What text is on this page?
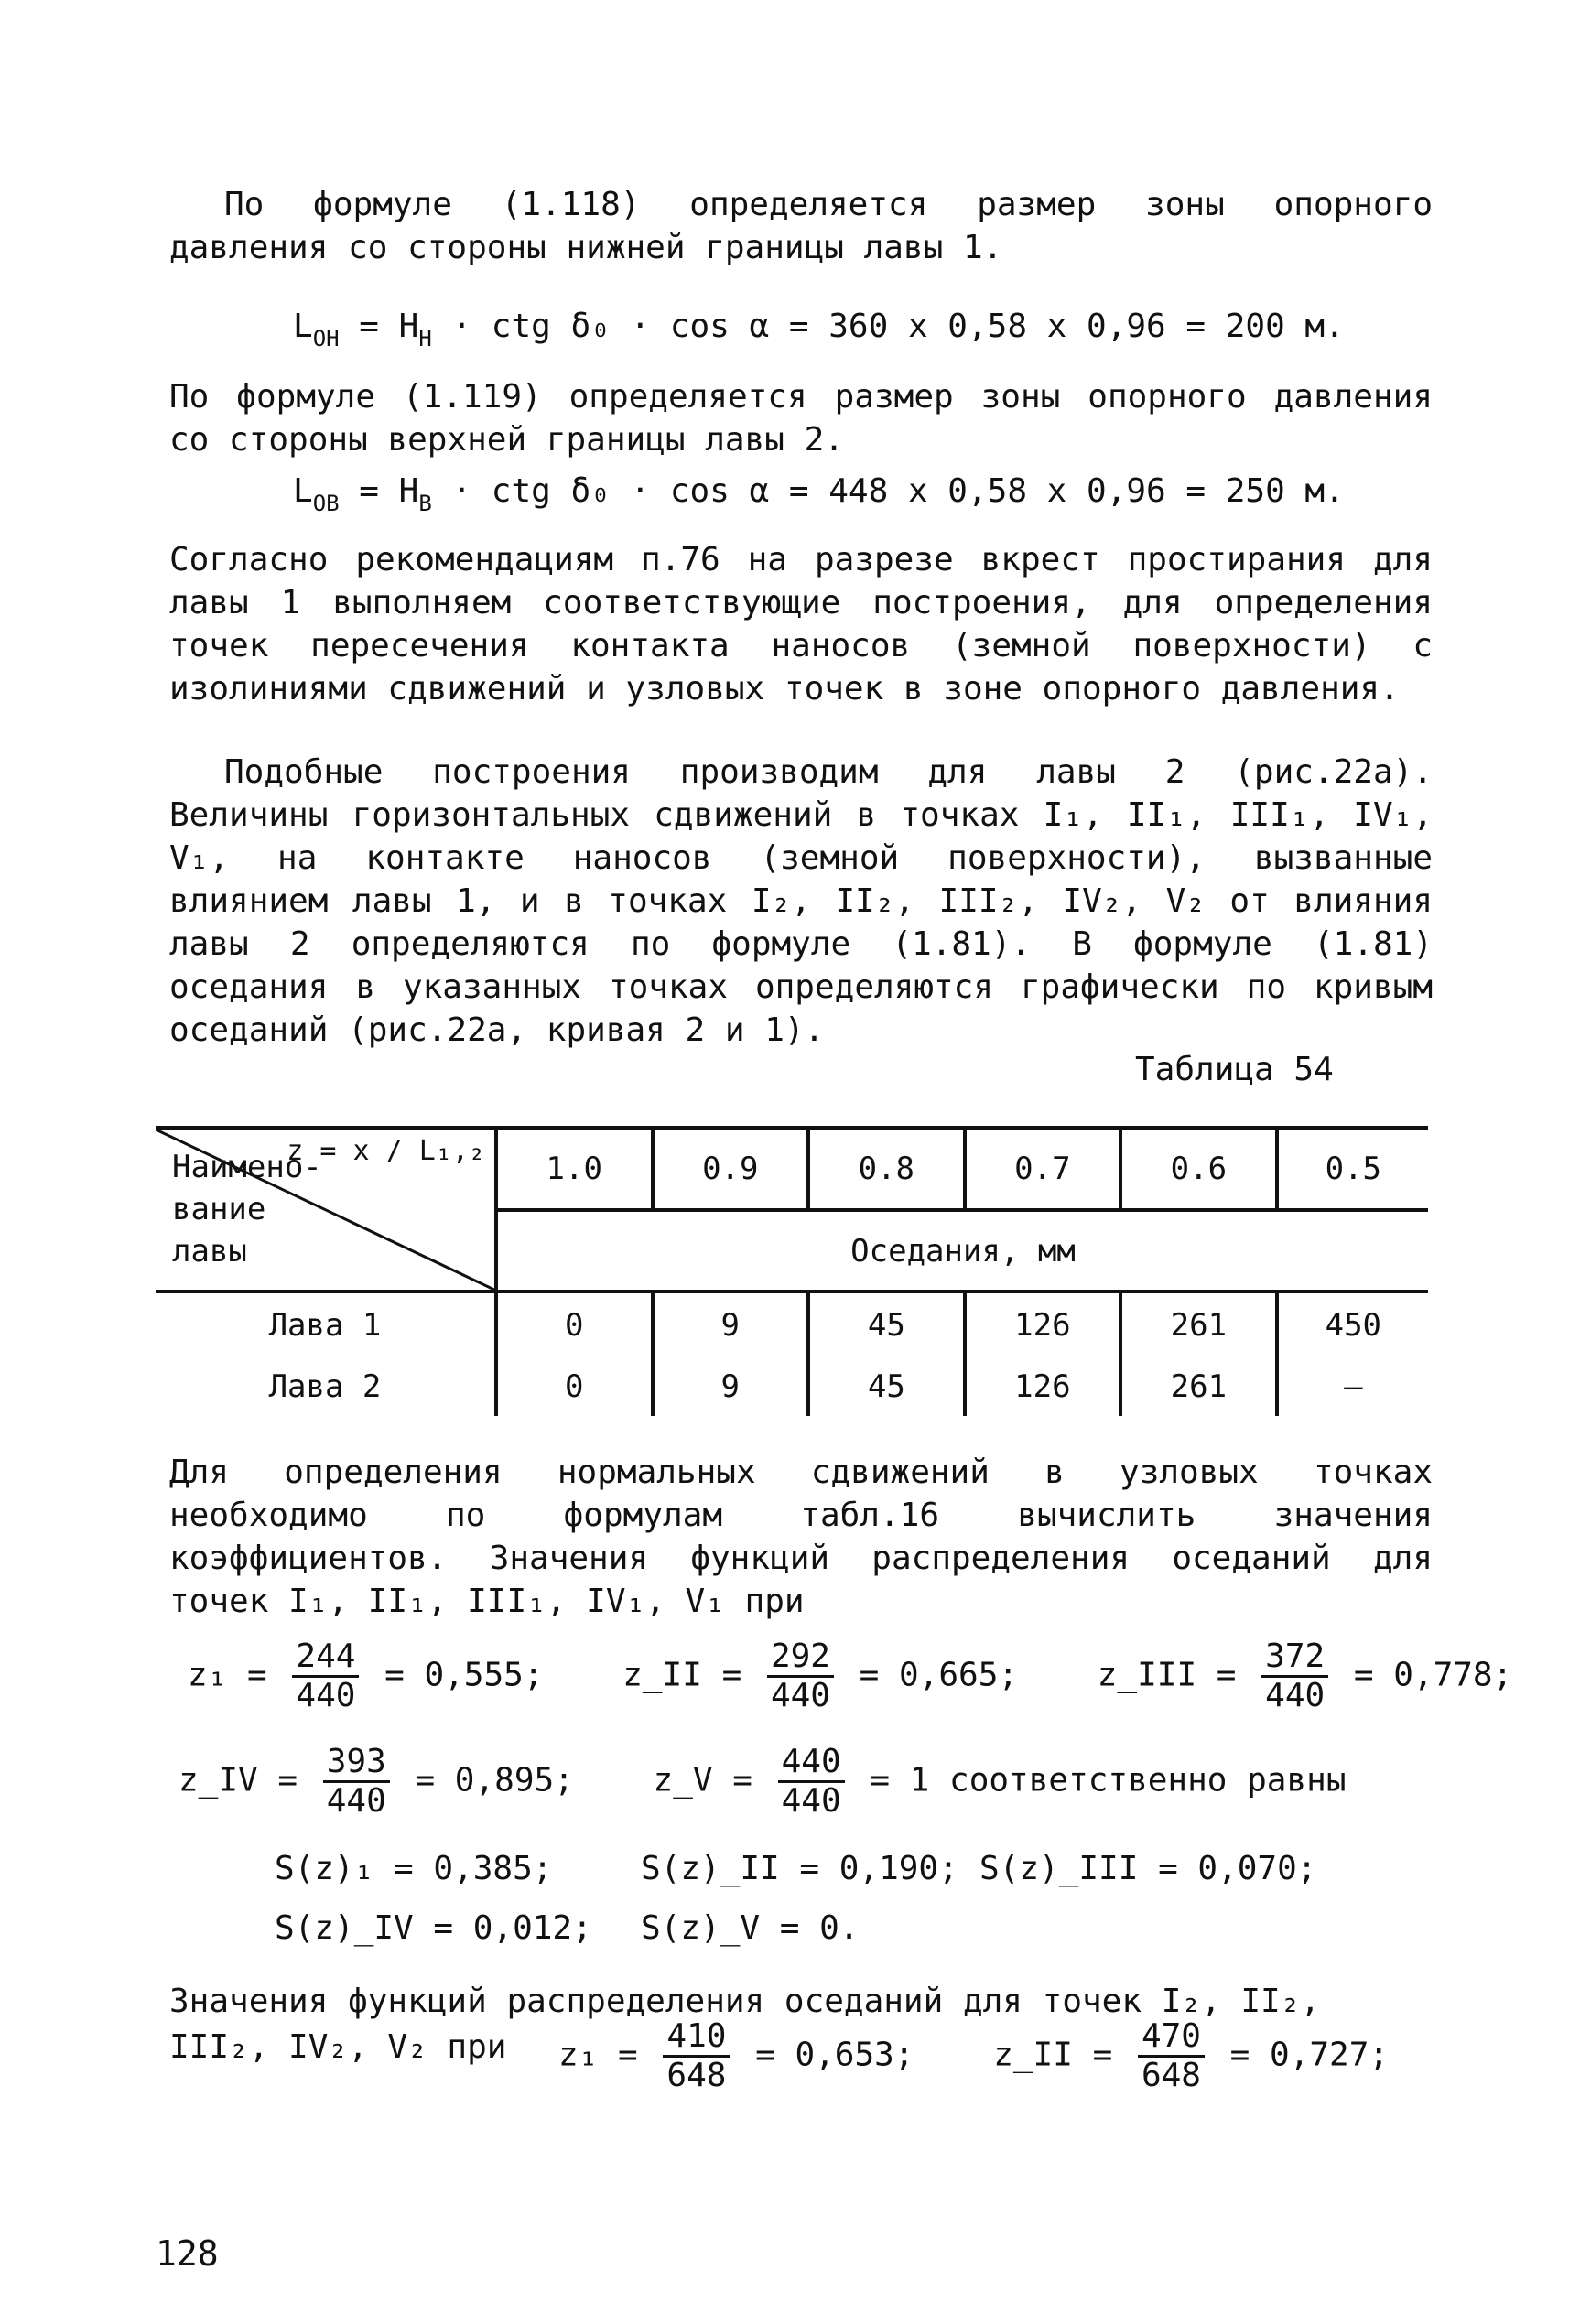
По формуле (1.118) определяется размер зоны опорного давления со стороны нижней границы лавы 1.

$L_{ОН} = H_Н$ · ctg δ₀ · cos α = 360 x 0,58 x 0,96 = 200 м.

По формуле (1.119) определяется размер зоны опорного давления со стороны верхней границы лавы 2.

$L_{ОВ} = H_В$ · ctg δ₀ · cos α = 448 x 0,58 x 0,96 = 250 м.

Согласно рекомендациям п.76 на разрезе вкрест простирания для лавы 1 выполняем соответствующие построения, для определения точек пересечения контакта наносов (земной поверхности) с изолиниями сдвижений и узловых точек в зоне опорного давления.

Подобные построения производим для лавы 2 (рис.22а). Величины горизонтальных сдвижений в точках I₁, II₁, III₁, IV₁, V₁, на контакте наносов (земной поверхности), вызванные влиянием лавы 1, и в точках I₂, II₂, III₂, IV₂, V₂ от влияния лавы 2 определяются по формуле (1.81). В формуле (1.81) оседания в указанных точках определяются графически по кривым оседаний (рис.22а, кривая 2 и 1).

Таблица 54
z = x / L₁,₂
Наимено-
вание
лавы	1.0	0.9	0.8	0.7	0.6	0.5
	Оседания, мм					
Лава 1	0	9	45	126	261	450
Лава 2	0	9	45	126	261	–

Для определения нормальных сдвижений в узловых точках необходимо по формулам табл.16 вычислить значения коэффициентов. Значения функций распределения оседаний для точек I₁, II₁, III₁, IV₁, V₁ при

$z_1 = \frac{244}{440} = 0,555$; z_II = $\frac{292}{440} = 0,665$; z_III = $\frac{372}{440} = 0,778$;
z_IV = $\frac{393}{440} = 0,895$; z_V = $\frac{440}{440} = 1$ соответственно равны
S(z)₁ = 0,385;	S(z)_II = 0,190; S(z)_III = 0,070;
S(z)_IV = 0,012; S(z)_V = 0.
Значения функций распределения оседаний для точек I₂, II₂,
III₂, IV₂, V₂ при $z_1 = \frac{410}{648} = 0,653$; z_II = $\frac{470}{648} = 0,727$;
128
